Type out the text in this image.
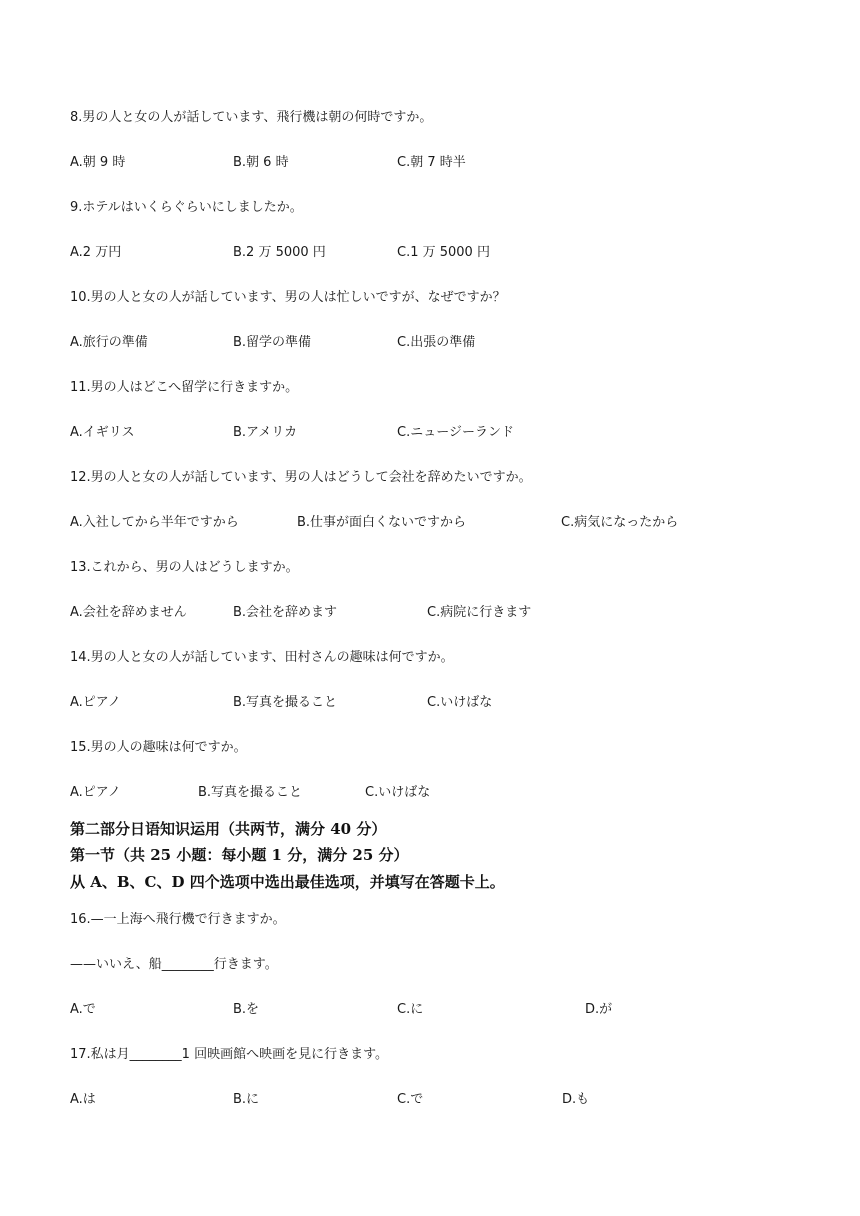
8.男の人と女の人が話しています、飛行機は朝の何時ですか。
A.朝 9 時	B.朝 6 時	C.朝 7 時半
9.ホテルはいくらぐらいにしましたか。
A.2 万円	B.2 万 5000 円	C.1 万 5000 円
10.男の人と女の人が話しています、男の人は忙しいですが、なぜですか？
A.旅行の準備	B.留学の準備	C.出張の準備
11.男の人はどこへ留学に行きますか。
A.イギリス	B.アメリカ	C.ニュージーランド
12.男の人と女の人が話しています、男の人はどうして会社を辞めたいですか。
A.入社してから半年ですから	B.仕事が面白くないですから	C.病気になったから
13.これから、男の人はどうしますか。
A.会社を辞めません	B.会社を辞めます	C.病院に行きます
14.男の人と女の人が話しています、田村さんの趣味は何ですか。
A.ピアノ	B.写真を撮ること	C.いけばな
15.男の人の趣味は何ですか。
A.ピアノ	B.写真を撮ること	C.いけばな
第二部分日语知识运用（共两节，满分 40 分）
第一节（共 25 小题：每小题 1 分，满分 25 分）
从 A、B、C、D 四个选项中选出最佳选项，并填写在答题卡上。
16.—一上海へ飛行機で行きますか。
——いいえ、船________行きます。
A.で	B.を	C.に	D.が
17.私は月________1 回映画館へ映画を見に行きます。
A.は	B.に	C.で	D.も
